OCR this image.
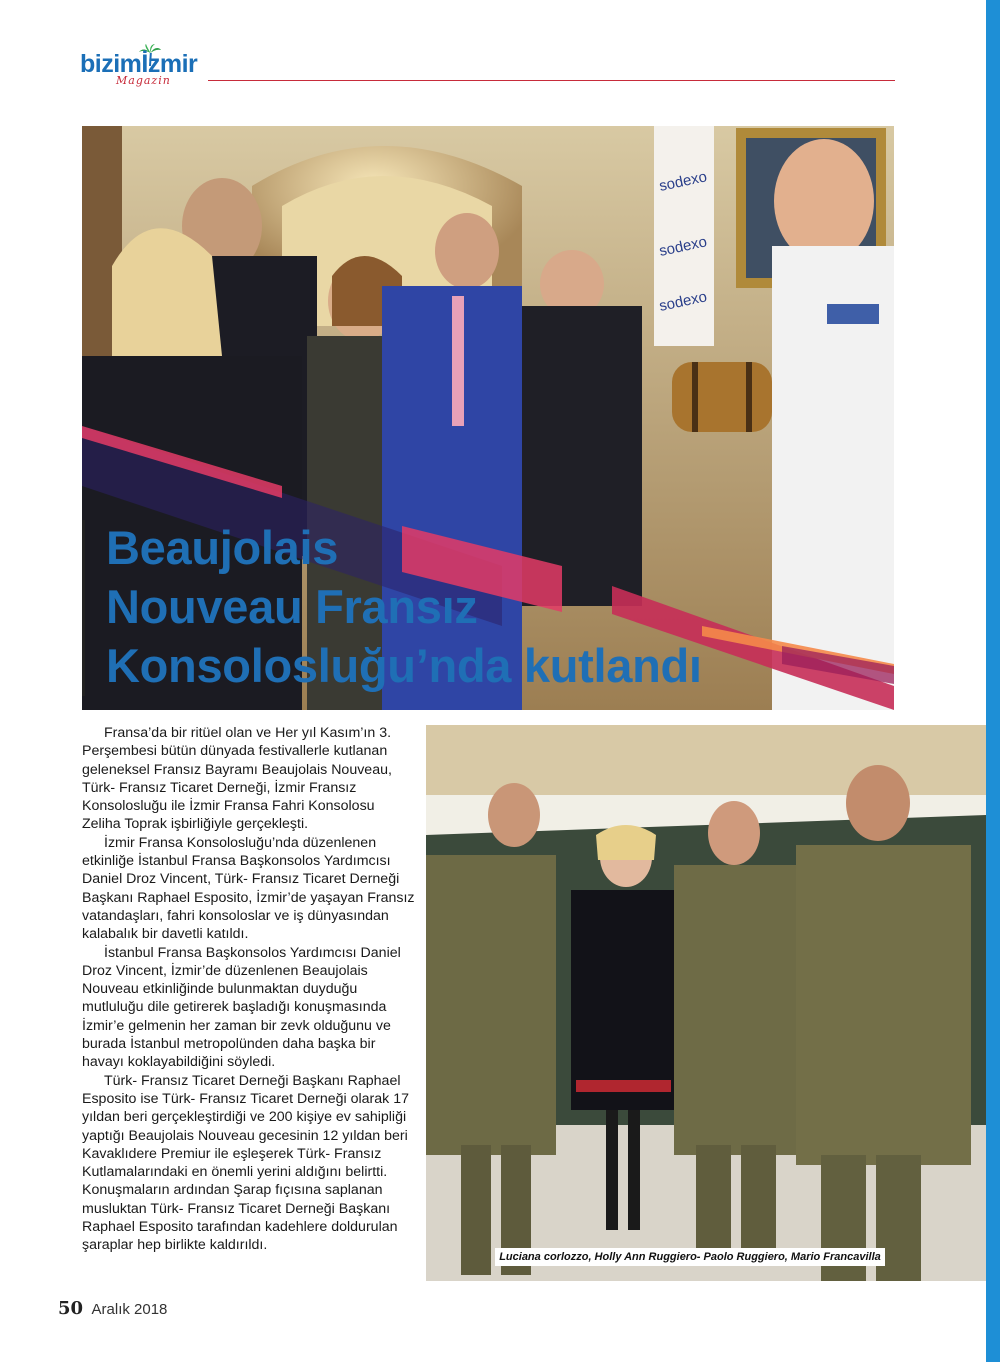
bizimİzmir
Magazin
sodexo
sodexo
sodexo
Beaujolais
Nouveau Fransız
Konsolosluğu’nda kutlandı

Fransa’da bir ritüel olan ve Her yıl Kasım’ın 3. Perşembesi bütün dünyada festivallerle kutlanan geleneksel Fransız Bayramı Beaujolais Nouveau, Türk- Fransız Ticaret Derneği, İzmir Fransız Konsolosluğu ile İzmir Fransa Fahri Konsolosu Zeliha Toprak işbirliğiyle gerçekleşti.

İzmir Fransa Konsolosluğu’nda düzenlenen etkinliğe İstanbul Fransa Başkonsolos Yardımcısı Daniel Droz Vincent, Türk- Fransız Ticaret Derneği Başkanı Raphael Esposito, İzmir’de yaşayan Fransız vatandaşları, fahri konsoloslar ve iş dünyasından kalabalık bir davetli katıldı.

İstanbul Fransa Başkonsolos Yardımcısı Daniel Droz Vincent, İzmir’de düzenlenen Beaujolais Nouveau etkinliğinde bulunmaktan duyduğu mutluluğu dile getirerek başladığı konuşmasında İzmir’e gelmenin her zaman bir zevk olduğunu ve burada İstanbul metropolünden daha başka bir havayı koklayabildiğini söyledi.

Türk- Fransız Ticaret Derneği Başkanı Raphael Esposito ise Türk- Fransız Ticaret Derneği olarak 17 yıldan beri gerçekleştirdiği ve 200 kişiye ev sahipliği yaptığı Beaujolais Nouveau gecesinin 12 yıldan beri Kavaklıdere Premiur ile eşleşerek Türk- Fransız Kutlamalarındaki en önemli yerini aldığını belirtti. Konuşmaların ardından Şarap fıçısına saplanan musluktan Türk- Fransız Ticaret Derneği Başkanı Raphael Esposito tarafından kadehlere doldurulan şaraplar hep birlikte kaldırıldı.

Luciana corlozzo, Holly Ann Ruggiero- Paolo Ruggiero, Mario Francavilla
50 Aralık 2018
